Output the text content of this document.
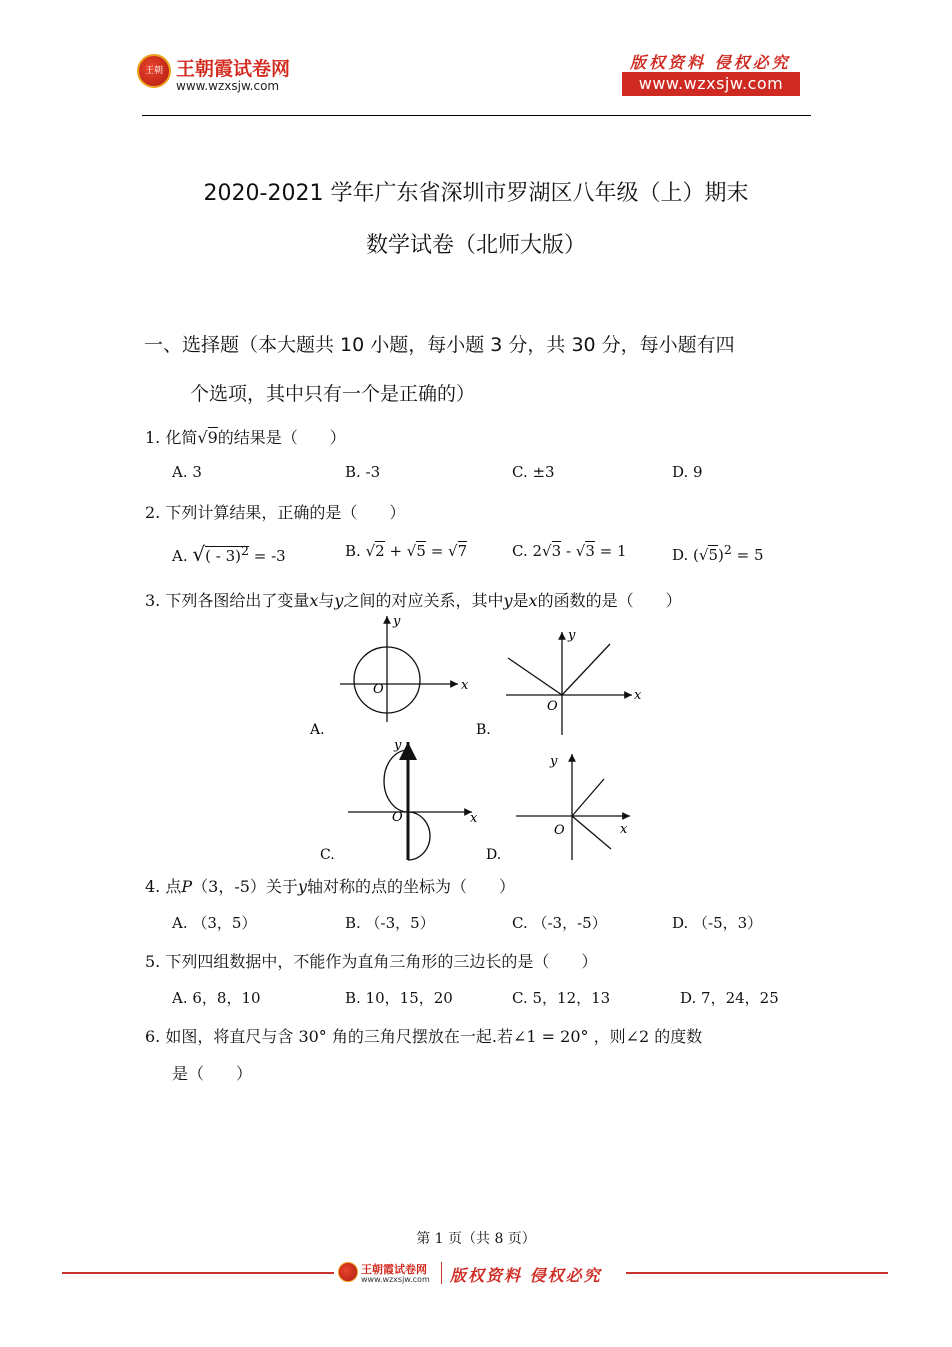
王朝 王朝霞试卷网
www.wzxsjw.com
版权资料 侵权必究
www.wzxsjw.com
2020-2021 学年广东省深圳市罗湖区八年级（上）期末
数学试卷（北师大版）
一、选择题（本大题共 10 小题，每小题 3 分，共 30 分，每小题有四
个选项，其中只有一个是正确的）
1. 化简√9的结果是（　　）
A. 3	B. -3	C. ±3	D. 9
2. 下列计算结果，正确的是（　　）
A. √( - 3)$^2$ = -3	B. √2 + √5 = √7	C. 2√3 - √3 = 1	D. $(√5)^2 = 5$
3. 下列各图给出了变量x与y之间的对应关系，其中y是x的函数的是（　　）
x
y
O
A.
x
y
O
B.
x
y
O
C.
x
y
O
D.
4. 点P（3，-5）关于y轴对称的点的坐标为（　　）
A. （3，5）	B. （-3，5）	C. （-3，-5）	D. （-5，3）
5. 下列四组数据中，不能作为直角三角形的三边长的是（　　）
A. 6，8，10	B. 10，15，20	C. 5，12，13	D. 7，24，25
6. 如图，将直尺与含 30° 角的三角尺摆放在一起.若∠1 = 20° ，则∠2 的度数
是（　　）
第 1 页（共 8 页）
王朝霞试卷网
www.wzxsjw.com 版权资料 侵权必究
